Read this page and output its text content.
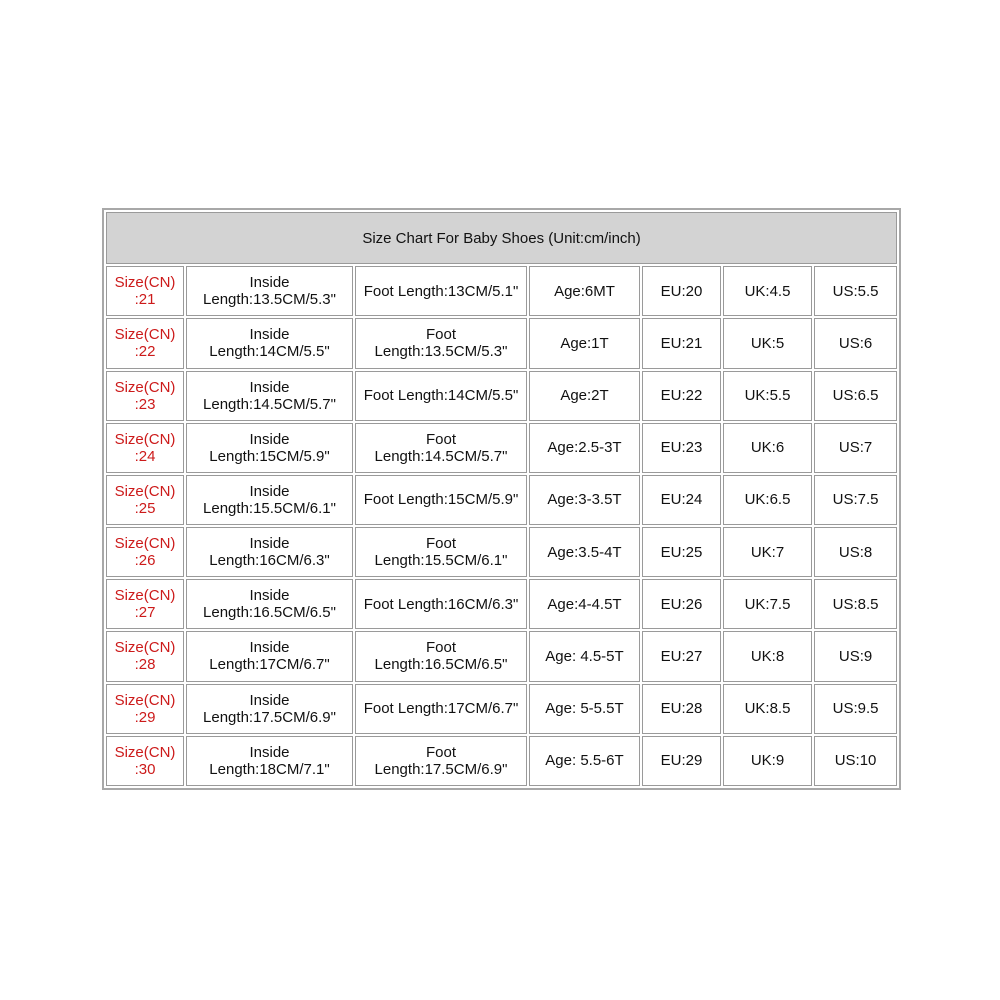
Size Chart For Baby Shoes (Unit:cm/inch)						
Size(CN) :21	Inside Length:13.5CM/5.3"	Foot Length:13CM/5.1"	Age:6MT	EU:20	UK:4.5	US:5.5
Size(CN) :22	Inside Length:14CM/5.5"	Foot Length:13.5CM/5.3"	Age:1T	EU:21	UK:5	US:6
Size(CN) :23	Inside Length:14.5CM/5.7"	Foot Length:14CM/5.5"	Age:2T	EU:22	UK:5.5	US:6.5
Size(CN) :24	Inside Length:15CM/5.9"	Foot Length:14.5CM/5.7"	Age:2.5-3T	EU:23	UK:6	US:7
Size(CN) :25	Inside Length:15.5CM/6.1"	Foot Length:15CM/5.9"	Age:3-3.5T	EU:24	UK:6.5	US:7.5
Size(CN) :26	Inside Length:16CM/6.3"	Foot Length:15.5CM/6.1"	Age:3.5-4T	EU:25	UK:7	US:8
Size(CN) :27	Inside Length:16.5CM/6.5"	Foot Length:16CM/6.3"	Age:4-4.5T	EU:26	UK:7.5	US:8.5
Size(CN) :28	Inside Length:17CM/6.7"	Foot Length:16.5CM/6.5"	Age: 4.5-5T	EU:27	UK:8	US:9
Size(CN) :29	Inside Length:17.5CM/6.9"	Foot Length:17CM/6.7"	Age: 5-5.5T	EU:28	UK:8.5	US:9.5
Size(CN) :30	Inside Length:18CM/7.1"	Foot Length:17.5CM/6.9"	Age: 5.5-6T	EU:29	UK:9	US:10
